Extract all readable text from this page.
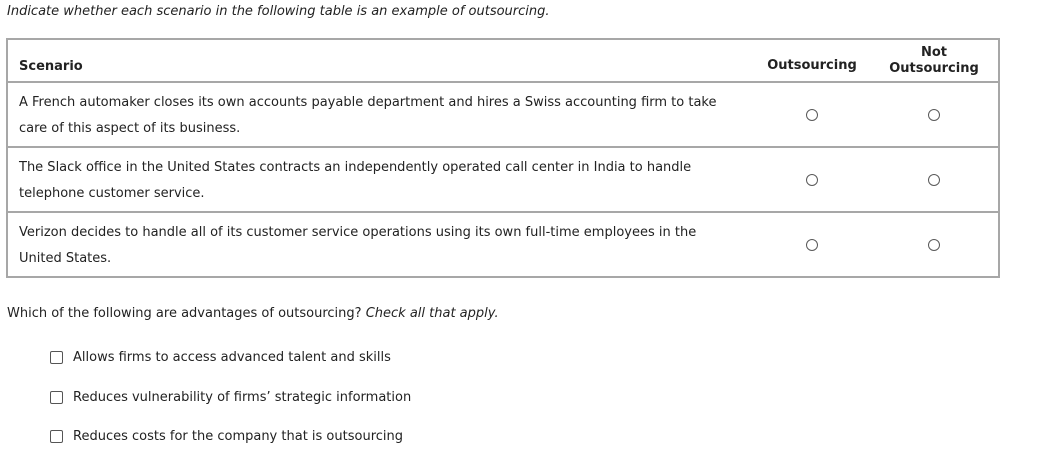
Indicate whether each scenario in the following table is an example of outsourcing.
Scenario	Outsourcing
Not
Outsourcing
A French automaker closes its own accounts payable department and hires a Swiss accounting firm to take
care of this aspect of its business.
The Slack office in the United States contracts an independently operated call center in India to handle
telephone customer service.
Verizon decides to handle all of its customer service operations using its own full-time employees in the
United States.
Which of the following are advantages of outsourcing? Check all that apply.
Allows firms to access advanced talent and skills
Reduces vulnerability of firms’ strategic information
Reduces costs for the company that is outsourcing
